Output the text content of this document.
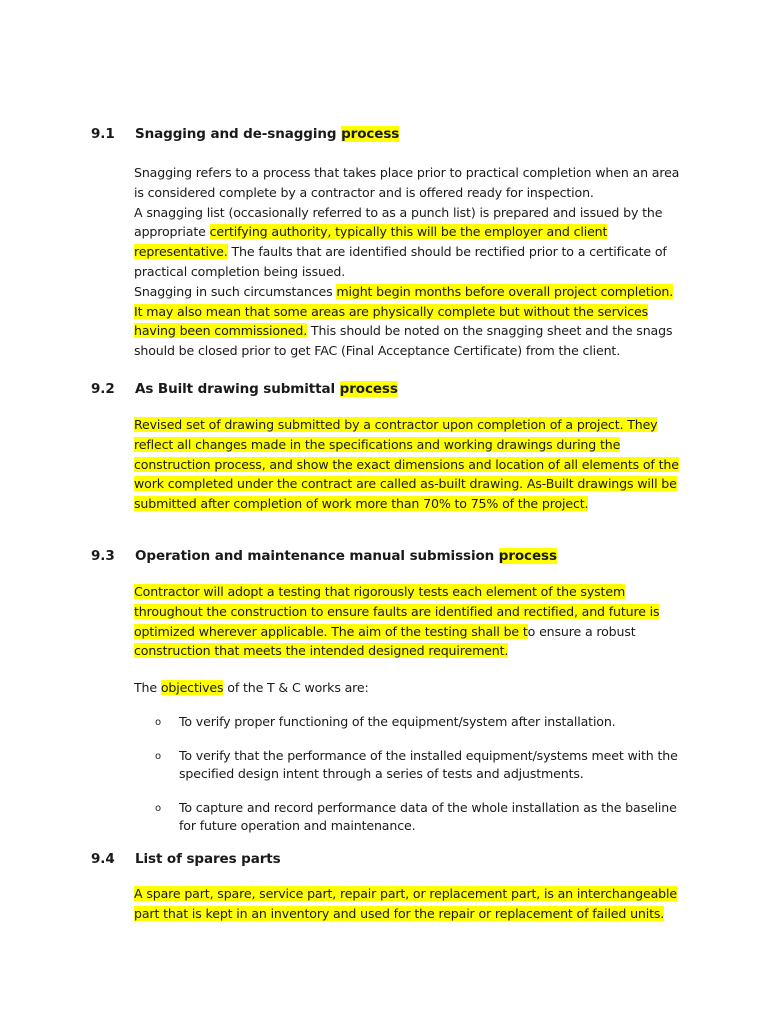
9.1 Snagging and de-snagging process
Snagging refers to a process that takes place prior to practical completion when an area
is considered complete by a contractor and is offered ready for inspection.
A snagging list (occasionally referred to as a punch list) is prepared and issued by the
appropriate certifying authority, typically this will be the employer and client
representative. The faults that are identified should be rectified prior to a certificate of
practical completion being issued.
Snagging in such circumstances might begin months before overall project completion.
It may also mean that some areas are physically complete but without the services
having been commissioned. This should be noted on the snagging sheet and the snags
should be closed prior to get FAC (Final Acceptance Certificate) from the client.
9.2 As Built drawing submittal process
Revised set of drawing submitted by a contractor upon completion of a project. They
reflect all changes made in the specifications and working drawings during the
construction process, and show the exact dimensions and location of all elements of the
work completed under the contract are called as-built drawing. As-Built drawings will be
submitted after completion of work more than 70% to 75% of the project.
9.3 Operation and maintenance manual submission process
Contractor will adopt a testing that rigorously tests each element of the system
throughout the construction to ensure faults are identified and rectified, and future is
optimized wherever applicable. The aim of the testing shall be to ensure a robust
construction that meets the intended designed requirement.
The objectives of the T & C works are:
o To verify proper functioning of the equipment/system after installation.
o To verify that the performance of the installed equipment/systems meet with the
specified design intent through a series of tests and adjustments.
o To capture and record performance data of the whole installation as the baseline
for future operation and maintenance.
9.4 List of spares parts
A spare part, spare, service part, repair part, or replacement part, is an interchangeable
part that is kept in an inventory and used for the repair or replacement of failed units.
